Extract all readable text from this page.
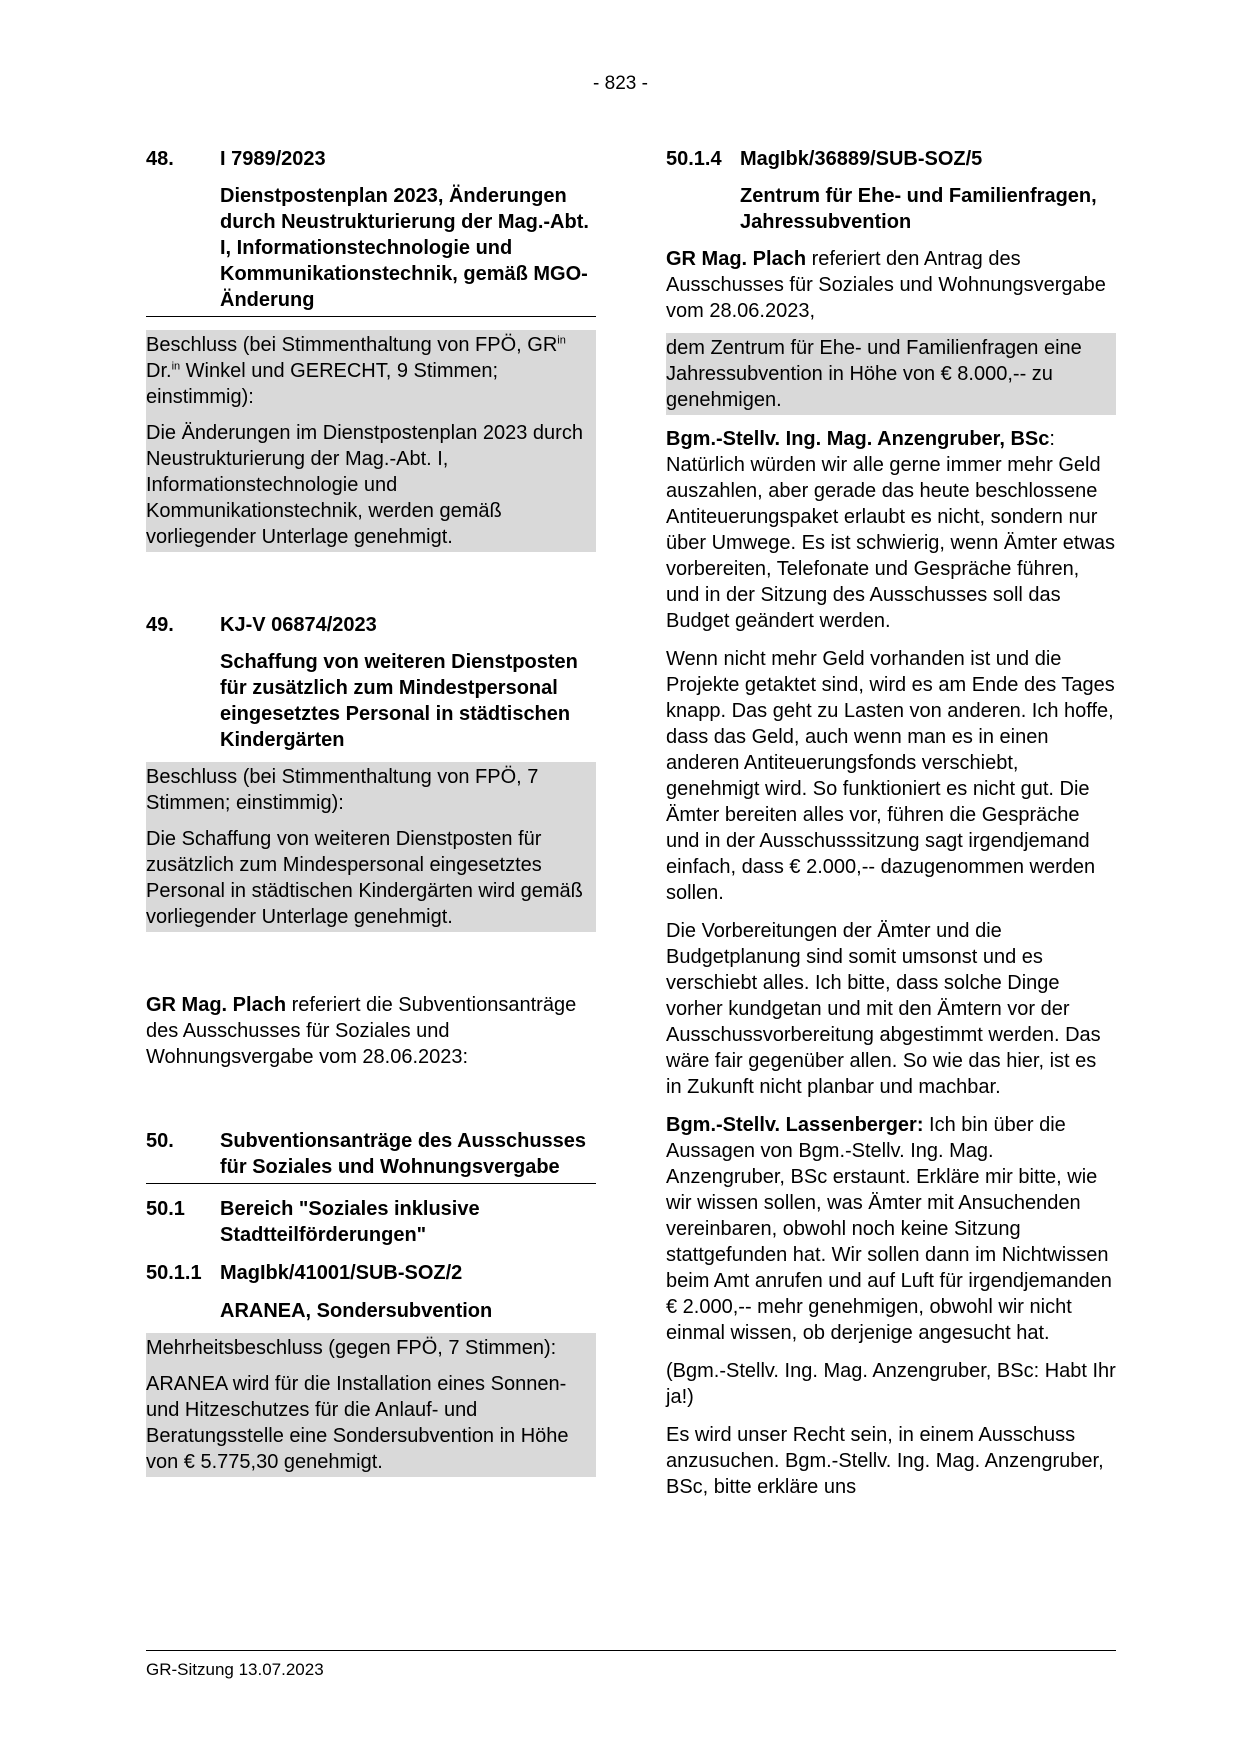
- 823 -
48.	I 7989/2023
Dienstpostenplan 2023, Änderungen durch Neustrukturierung der Mag.-Abt. I, Informationstechnologie und Kommunikationstechnik, gemäß MGO-Änderung

Beschluss (bei Stimmenthaltung von FPÖ, $GR^{in}$ Dr.$^{in}$ Winkel und GERECHT, 9 Stimmen; einstimmig):

Die Änderungen im Dienstpostenplan 2023 durch Neustrukturierung der Mag.-Abt. I, Informationstechnologie und Kommunikationstechnik, werden gemäß vorliegender Unterlage genehmigt.

49.	KJ-V 06874/2023
Schaffung von weiteren Dienstposten für zusätzlich zum Mindestpersonal eingesetztes Personal in städtischen Kindergärten

Beschluss (bei Stimmenthaltung von FPÖ, 7 Stimmen; einstimmig):

Die Schaffung von weiteren Dienstposten für zusätzlich zum Mindespersonal eingesetztes Personal in städtischen Kindergärten wird gemäß vorliegender Unterlage genehmigt.

GR Mag. Plach referiert die Subventionsanträge des Ausschusses für Soziales und Wohnungsvergabe vom 28.06.2023:

50.	Subventionsanträge des Ausschusses für Soziales und Wohnungsvergabe
50.1	Bereich "Soziales inklusive Stadtteilförderungen"
50.1.1 MagIbk/41001/SUB-SOZ/2
ARANEA, Sondersubvention

Mehrheitsbeschluss (gegen FPÖ, 7 Stimmen):

ARANEA wird für die Installation eines Sonnen- und Hitzeschutzes für die Anlauf- und Beratungsstelle eine Sondersubvention in Höhe von € 5.775,30 genehmigt.

50.1.4 MagIbk/36889/SUB-SOZ/5
Zentrum für Ehe- und Familienfragen, Jahressubvention

GR Mag. Plach referiert den Antrag des Ausschusses für Soziales und Wohnungsvergabe vom 28.06.2023,

dem Zentrum für Ehe- und Familienfragen eine Jahressubvention in Höhe von € 8.000,-- zu genehmigen.

Bgm.-Stellv. Ing. Mag. Anzengruber, BSc: Natürlich würden wir alle gerne immer mehr Geld auszahlen, aber gerade das heute beschlossene Antiteuerungspaket erlaubt es nicht, sondern nur über Umwege. Es ist schwierig, wenn Ämter etwas vorbereiten, Telefonate und Gespräche führen, und in der Sitzung des Ausschusses soll das Budget geändert werden.

Wenn nicht mehr Geld vorhanden ist und die Projekte getaktet sind, wird es am Ende des Tages knapp. Das geht zu Lasten von anderen. Ich hoffe, dass das Geld, auch wenn man es in einen anderen Antiteuerungsfonds verschiebt, genehmigt wird. So funktioniert es nicht gut. Die Ämter bereiten alles vor, führen die Gespräche und in der Ausschusssitzung sagt irgendjemand einfach, dass € 2.000,-- dazugenommen werden sollen.

Die Vorbereitungen der Ämter und die Budgetplanung sind somit umsonst und es verschiebt alles. Ich bitte, dass solche Dinge vorher kundgetan und mit den Ämtern vor der Ausschussvorbereitung abgestimmt werden. Das wäre fair gegenüber allen. So wie das hier, ist es in Zukunft nicht planbar und machbar.

Bgm.-Stellv. Lassenberger: Ich bin über die Aussagen von Bgm.-Stellv. Ing. Mag. Anzengruber, BSc erstaunt. Erkläre mir bitte, wie wir wissen sollen, was Ämter mit Ansuchenden vereinbaren, obwohl noch keine Sitzung stattgefunden hat. Wir sollen dann im Nichtwissen beim Amt anrufen und auf Luft für irgendjemanden € 2.000,-- mehr genehmigen, obwohl wir nicht einmal wissen, ob derjenige angesucht hat.

(Bgm.-Stellv. Ing. Mag. Anzengruber, BSc: Habt Ihr ja!)

Es wird unser Recht sein, in einem Ausschuss anzusuchen. Bgm.-Stellv. Ing. Mag. Anzengruber, BSc, bitte erkläre uns

GR-Sitzung 13.07.2023
